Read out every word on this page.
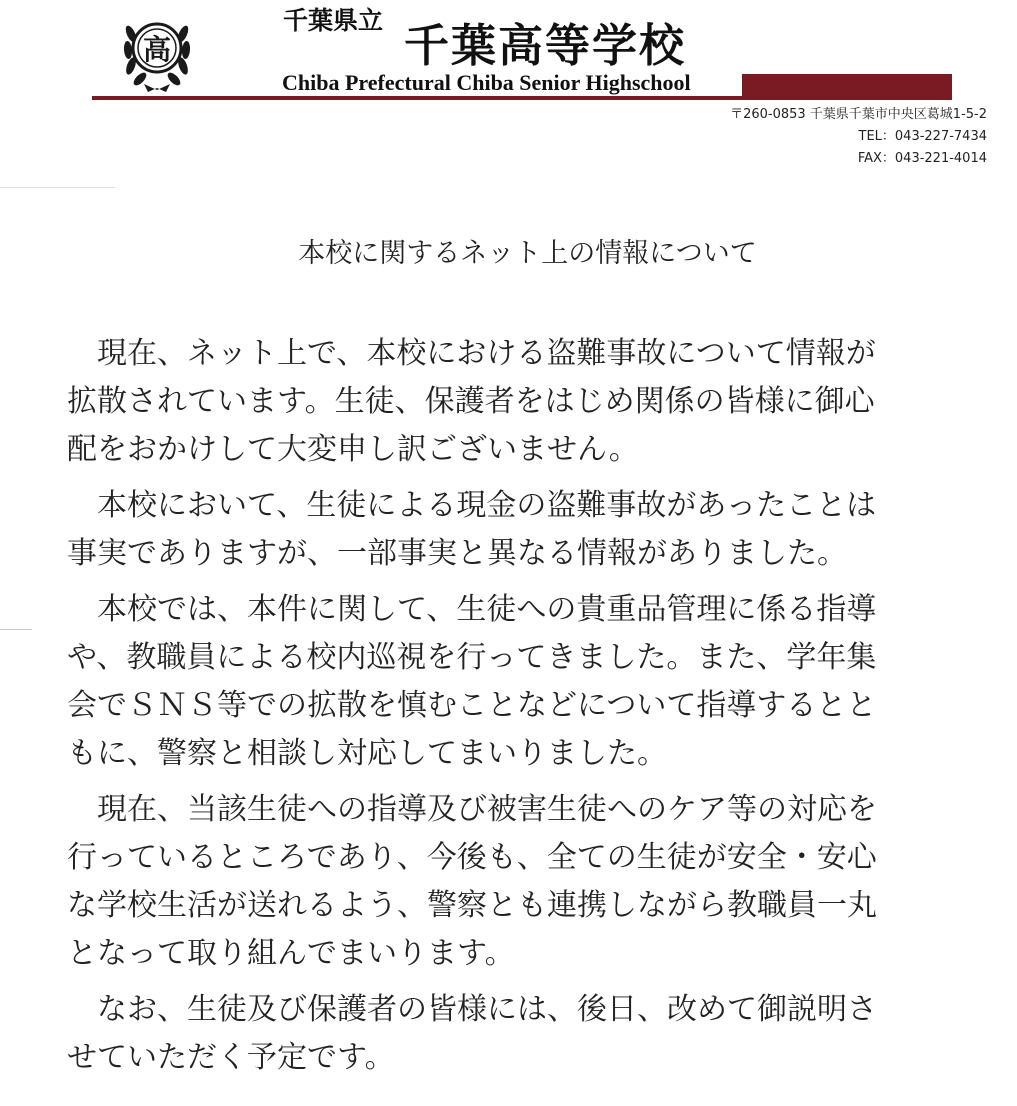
高
千葉県立 千葉高等学校
Chiba Prefectural Chiba Senior Highschool
〒260-0853 千葉県千葉市中央区葛城1-5-2
TEL：043-227-7434
FAX：043-221-4014
本校に関するネット上の情報について

　現在、ネット上で、本校における盗難事故について情報が
拡散されています。生徒、保護者をはじめ関係の皆様に御心
配をおかけして大変申し訳ございません。

　本校において、生徒による現金の盗難事故があったことは
事実でありますが、一部事実と異なる情報がありました。

　本校では、本件に関して、生徒への貴重品管理に係る指導
や、教職員による校内巡視を行ってきました。また、学年集
会でＳＮＳ等での拡散を慎むことなどについて指導するとと
もに、警察と相談し対応してまいりました。

　現在、当該生徒への指導及び被害生徒へのケア等の対応を
行っているところであり、今後も、全ての生徒が安全・安心
な学校生活が送れるよう、警察とも連携しながら教職員一丸
となって取り組んでまいります。

　なお、生徒及び保護者の皆様には、後日、改めて御説明さ
せていただく予定です。
